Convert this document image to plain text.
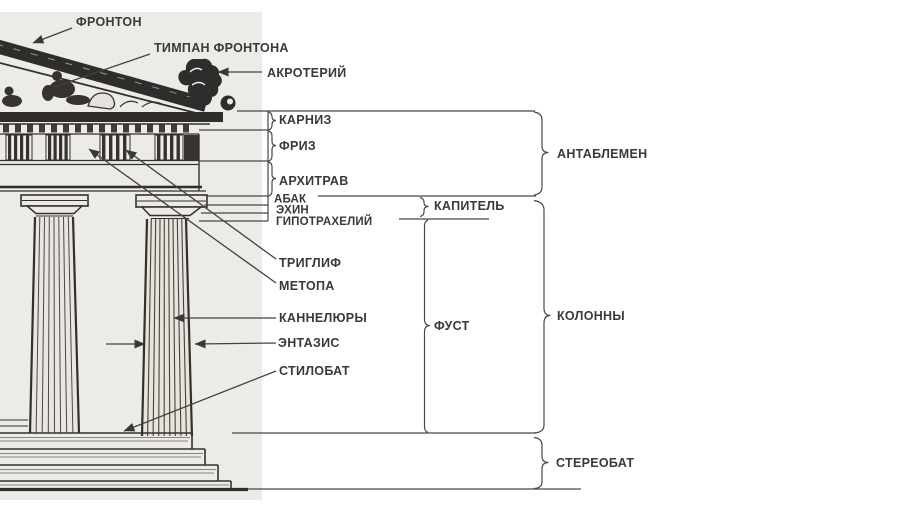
ФРОНТОН
ТИМПАН ФРОНТОНА
АКРОТЕРИЙ
КАРНИЗ
ФРИЗ
АРХИТРАВ
АБАК
ЭХИН
ГИПОТРАХЕЛИЙ
ТРИГЛИФ
МЕТОПА
КАННЕЛЮРЫ
ЭНТАЗИС
СТИЛОБАТ
АНТАБЛЕМЕН
КАПИТЕЛЬ
ФУСТ
КОЛОННЫ
СТЕРЕОБАТ
